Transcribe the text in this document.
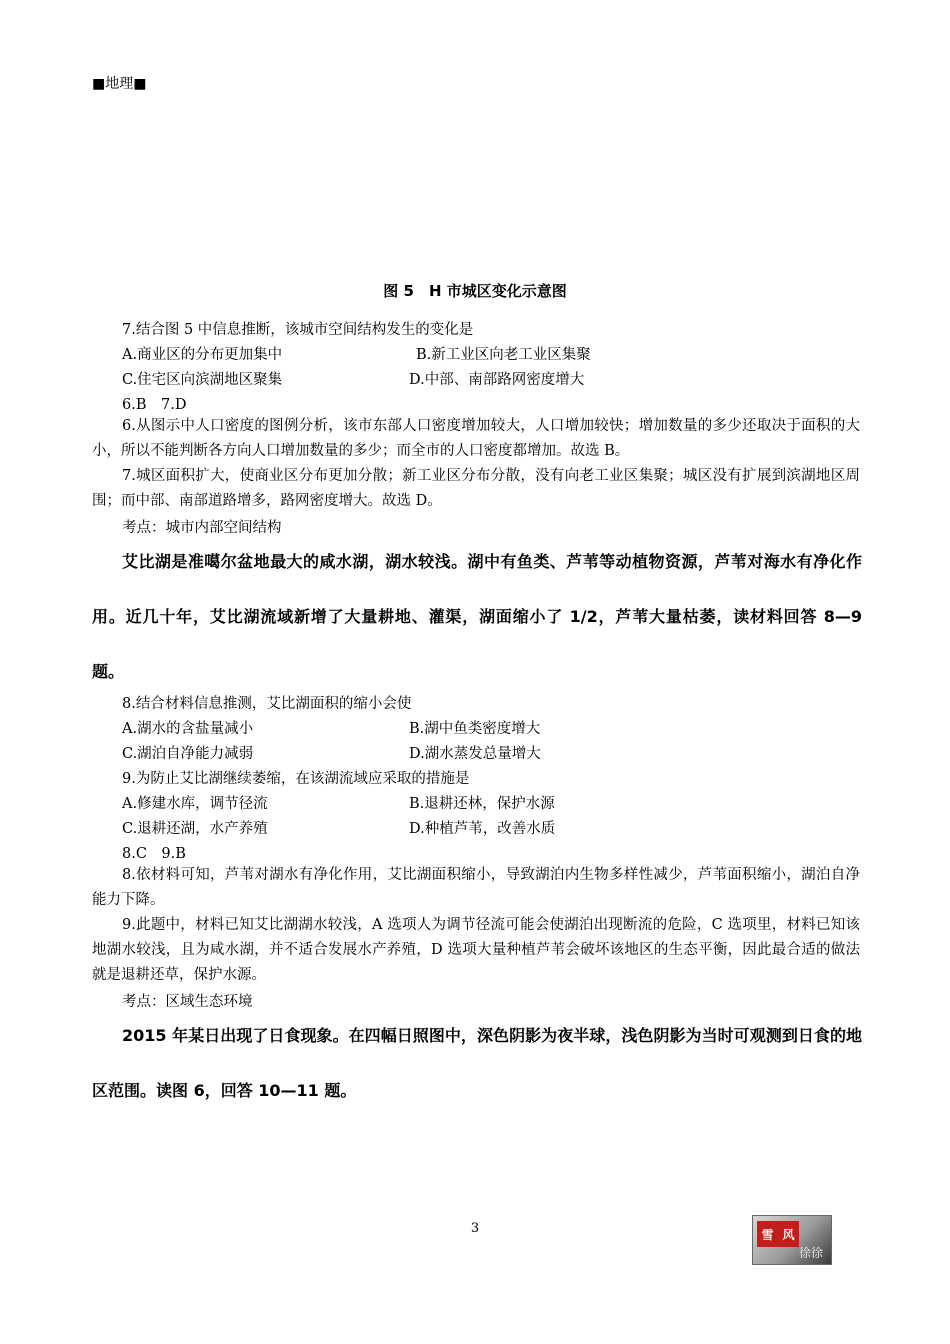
■地理■
图 5　H 市城区变化示意图
7.结合图 5 中信息推断，该城市空间结构发生的变化是
A.商业区的分布更加集中	B.新工业区向老工业区集聚
C.住宅区向滨湖地区聚集	D.中部、南部路网密度增大
6.B　7.D
6.从图示中人口密度的图例分析，该市东部人口密度增加较大，人口增加较快；增加数量的多少还取决于面积的大小，所以不能判断各方向人口增加数量的多少；而全市的人口密度都增加。故选 B。
7.城区面积扩大，使商业区分布更加分散；新工业区分布分散，没有向老工业区集聚；城区没有扩展到滨湖地区周围；而中部、南部道路增多，路网密度增大。故选 D。
考点：城市内部空间结构
艾比湖是准噶尔盆地最大的咸水湖，湖水较浅。湖中有鱼类、芦苇等动植物资源，芦苇对海水有净化作用。近几十年，艾比湖流域新增了大量耕地、灌渠，湖面缩小了 1/2，芦苇大量枯萎，读材料回答 8—9 题。
8.结合材料信息推测，艾比湖面积的缩小会使
A.湖水的含盐量减小	B.湖中鱼类密度增大
C.湖泊自净能力减弱	D.湖水蒸发总量增大
9.为防止艾比湖继续萎缩，在该湖流域应采取的措施是
A.修建水库，调节径流	B.退耕还林，保护水源
C.退耕还湖，水产养殖	D.种植芦苇，改善水质
8.C　9.B
8.依材料可知，芦苇对湖水有净化作用，艾比湖面积缩小，导致湖泊内生物多样性减少，芦苇面积缩小，湖泊自净能力下降。
9.此题中，材料已知艾比湖湖水较浅，A 选项人为调节径流可能会使湖泊出现断流的危险，C 选项里，材料已知该地湖水较浅，且为咸水湖，并不适合发展水产养殖，D 选项大量种植芦苇会破坏该地区的生态平衡，因此最合适的做法就是退耕还草，保护水源。
考点：区域生态环境
2015 年某日出现了日食现象。在四幅日照图中，深色阴影为夜半球，浅色阴影为当时可观测到日食的地区范围。读图 6，回答 10—11 题。
3	雪 风
徐徐
